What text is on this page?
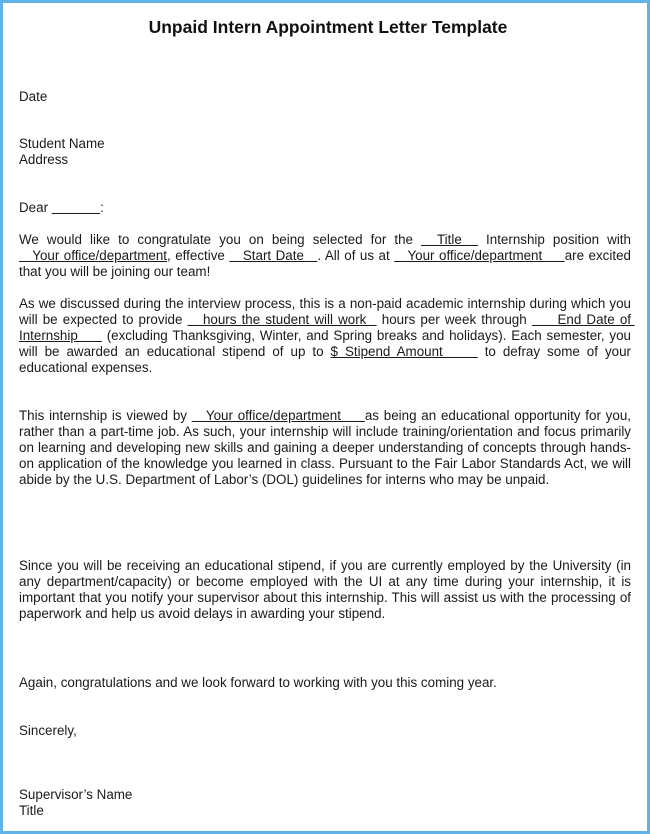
Unpaid Intern Appointment Letter Template
Date
Student Name
Address
Dear	:
We would like to congratulate you on being selected for the   Title   Internship position with    Your office/department, effective    Start Date   . All of us at    Your office/department     are excited that you will be joining our team!
As we discussed during the interview process, this is a non-paid academic internship during which you will be expected to provide    hours the student will work   hours per week through      End Date of Internship      (excluding Thanksgiving, Winter, and Spring breaks and holidays). Each semester, you will be awarded an educational stipend of up to $ Stipend Amount      to defray some of your educational expenses.
This internship is viewed by    Your office/department     as being an educational opportunity for you, rather than a part-time job. As such, your internship will include training/orientation and focus primarily on learning and developing new skills and gaining a deeper understanding of concepts through hands-on application of the knowledge you learned in class. Pursuant to the Fair Labor Standards Act, we will abide by the U.S. Department of Labor’s (DOL) guidelines for interns who may be unpaid.
Since you will be receiving an educational stipend, if you are currently employed by the University (in any department/capacity) or become employed with the UI at any time during your internship, it is important that you notify your supervisor about this internship. This will assist us with the processing of paperwork and help us avoid delays in awarding your stipend.
Again, congratulations and we look forward to working with you this coming year.
Sincerely,
Supervisor’s Name
Title
